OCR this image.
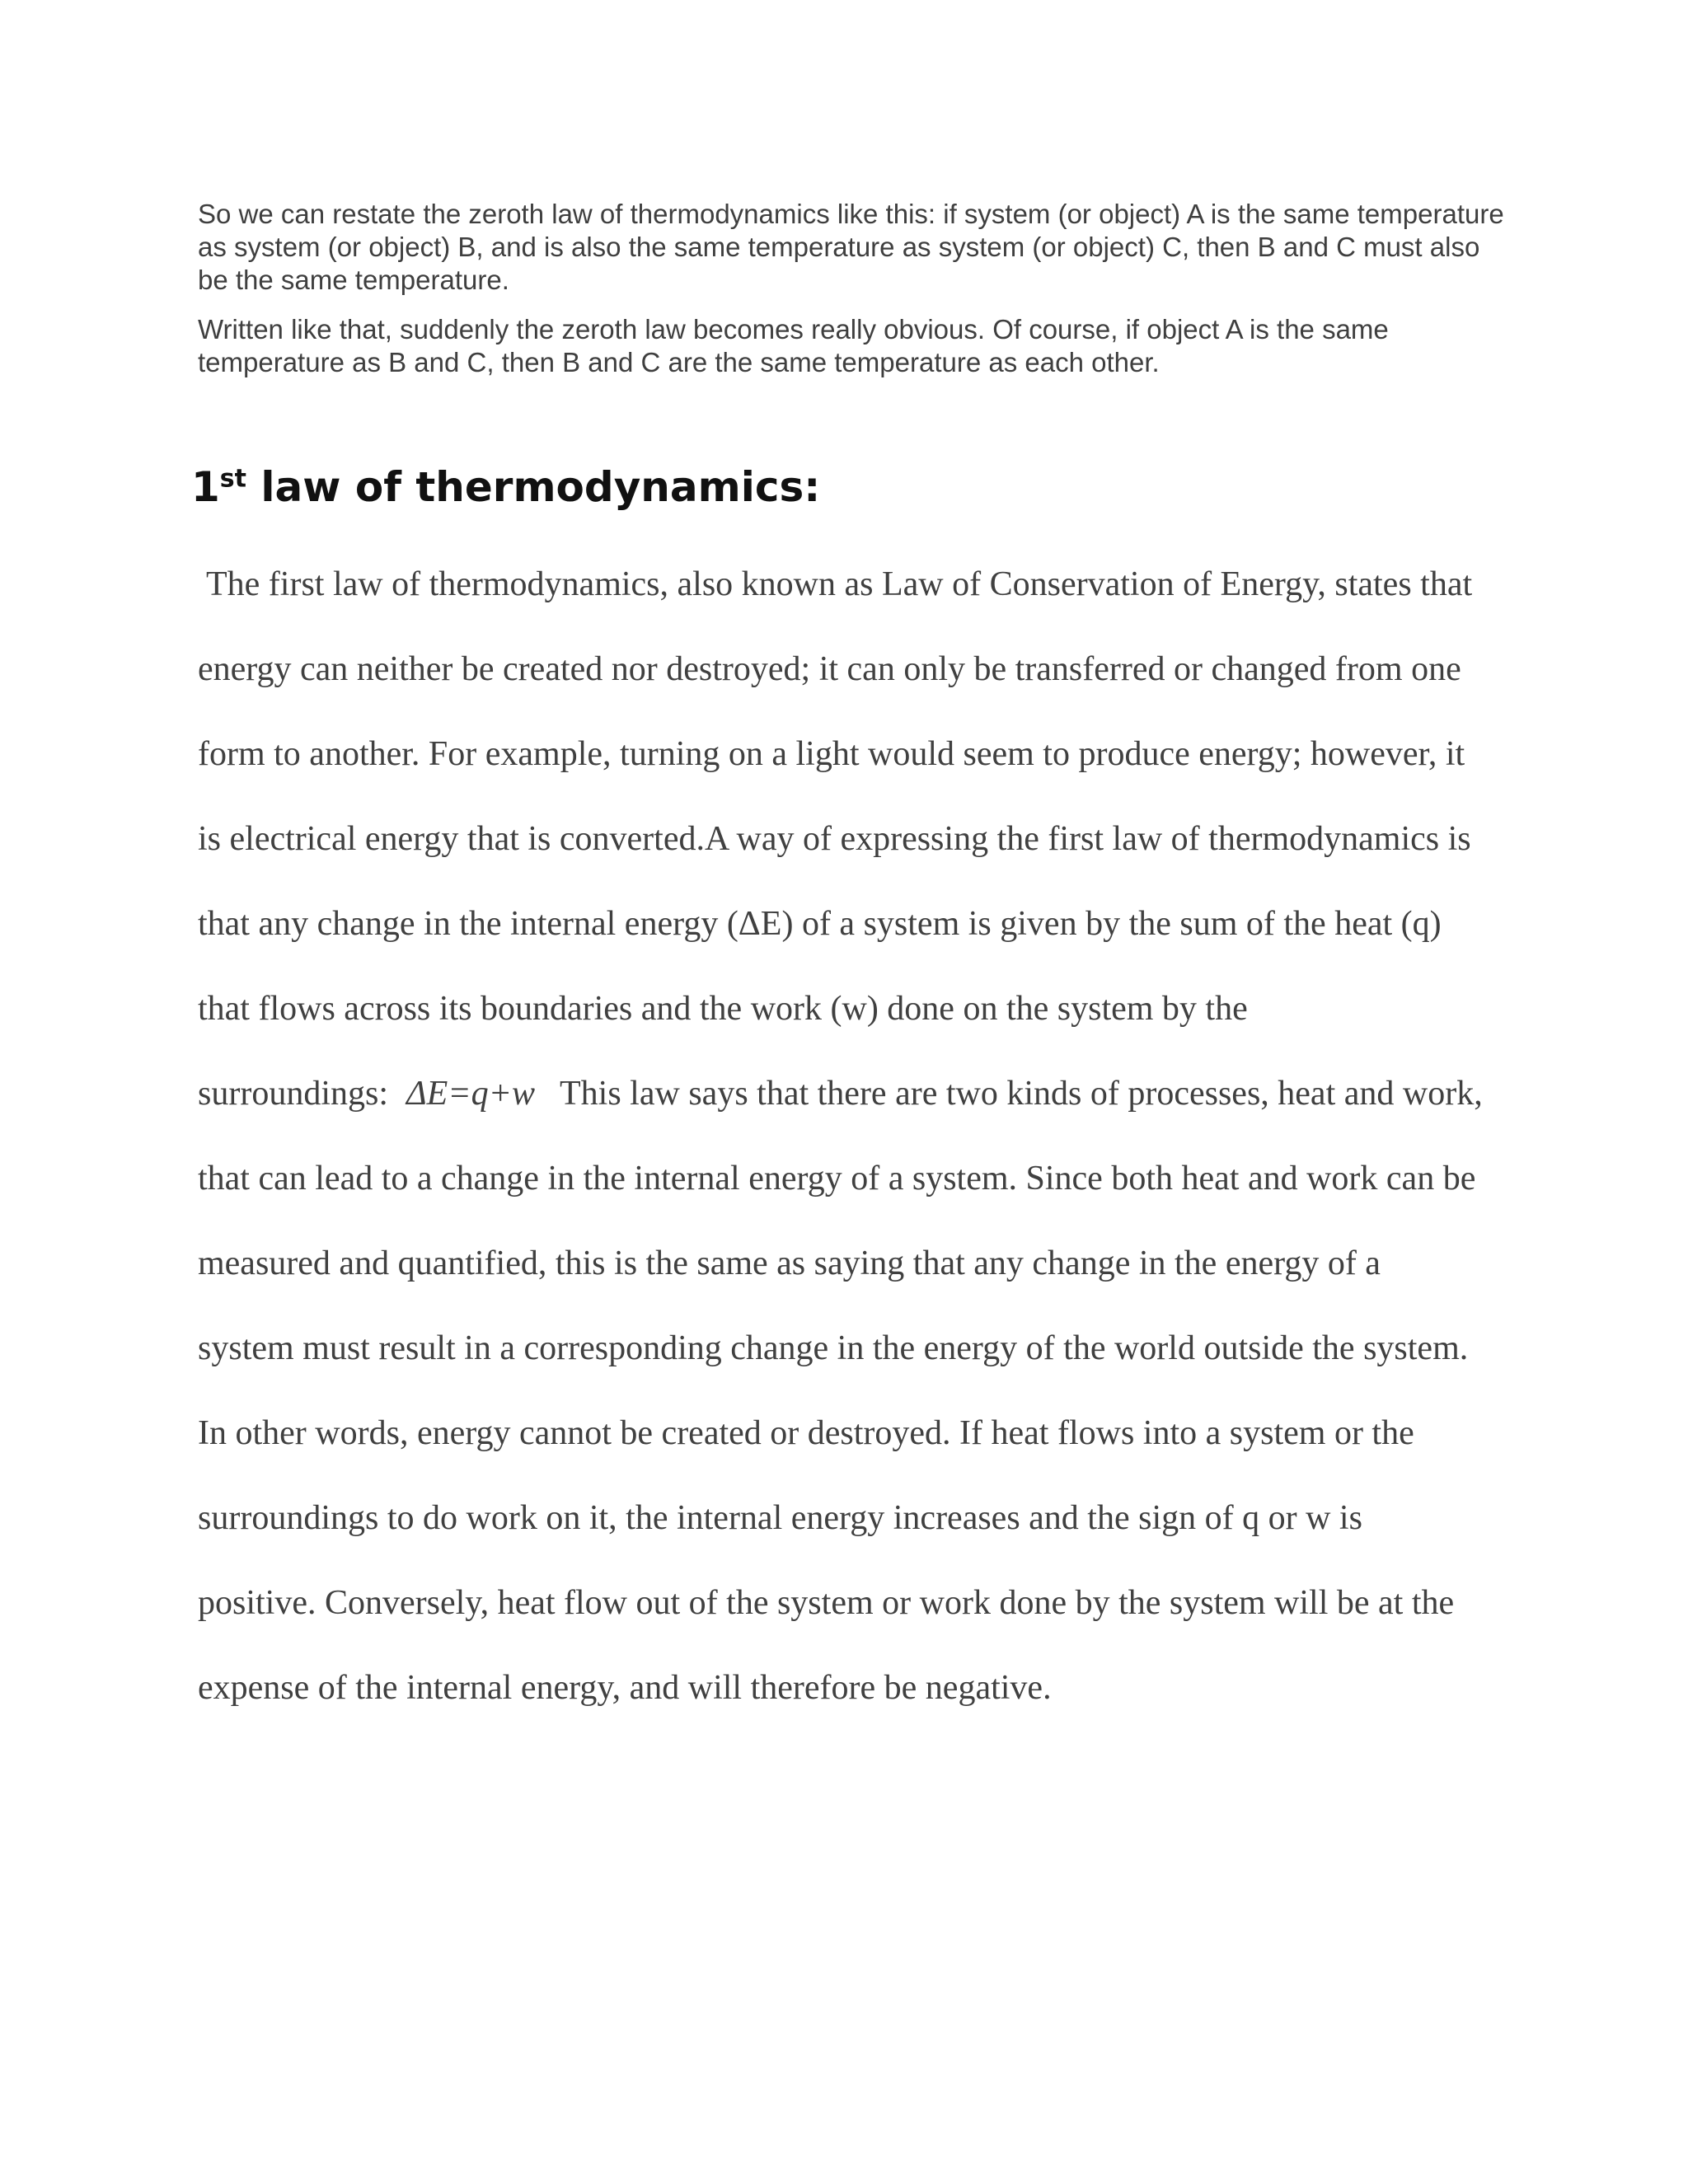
So we can restate the zeroth law of thermodynamics like this: if system (or object) A is the same temperature as system (or object) B, and is also the same temperature as system (or object) C, then B and C must also be the same temperature.

Written like that, suddenly the zeroth law becomes really obvious. Of course, if object A is the same temperature as B and C, then B and C are the same temperature as each other.

1st law of thermodynamics:

The first law of thermodynamics, also known as Law of Conservation of Energy, states that energy can neither be created nor destroyed; it can only be transferred or changed from one form to another. For example, turning on a light would seem to produce energy; however, it is electrical energy that is converted.A way of expressing the first law of thermodynamics is that any change in the internal energy (ΔE) of a system is given by the sum of the heat (q) that flows across its boundaries and the work (w) done on the system by the surroundings: ΔE=q+w This law says that there are two kinds of processes, heat and work, that can lead to a change in the internal energy of a system. Since both heat and work can be measured and quantified, this is the same as saying that any change in the energy of a system must result in a corresponding change in the energy of the world outside the system. In other words, energy cannot be created or destroyed. If heat flows into a system or the surroundings to do work on it, the internal energy increases and the sign of q or w is positive. Conversely, heat flow out of the system or work done by the system will be at the expense of the internal energy, and will therefore be negative.
